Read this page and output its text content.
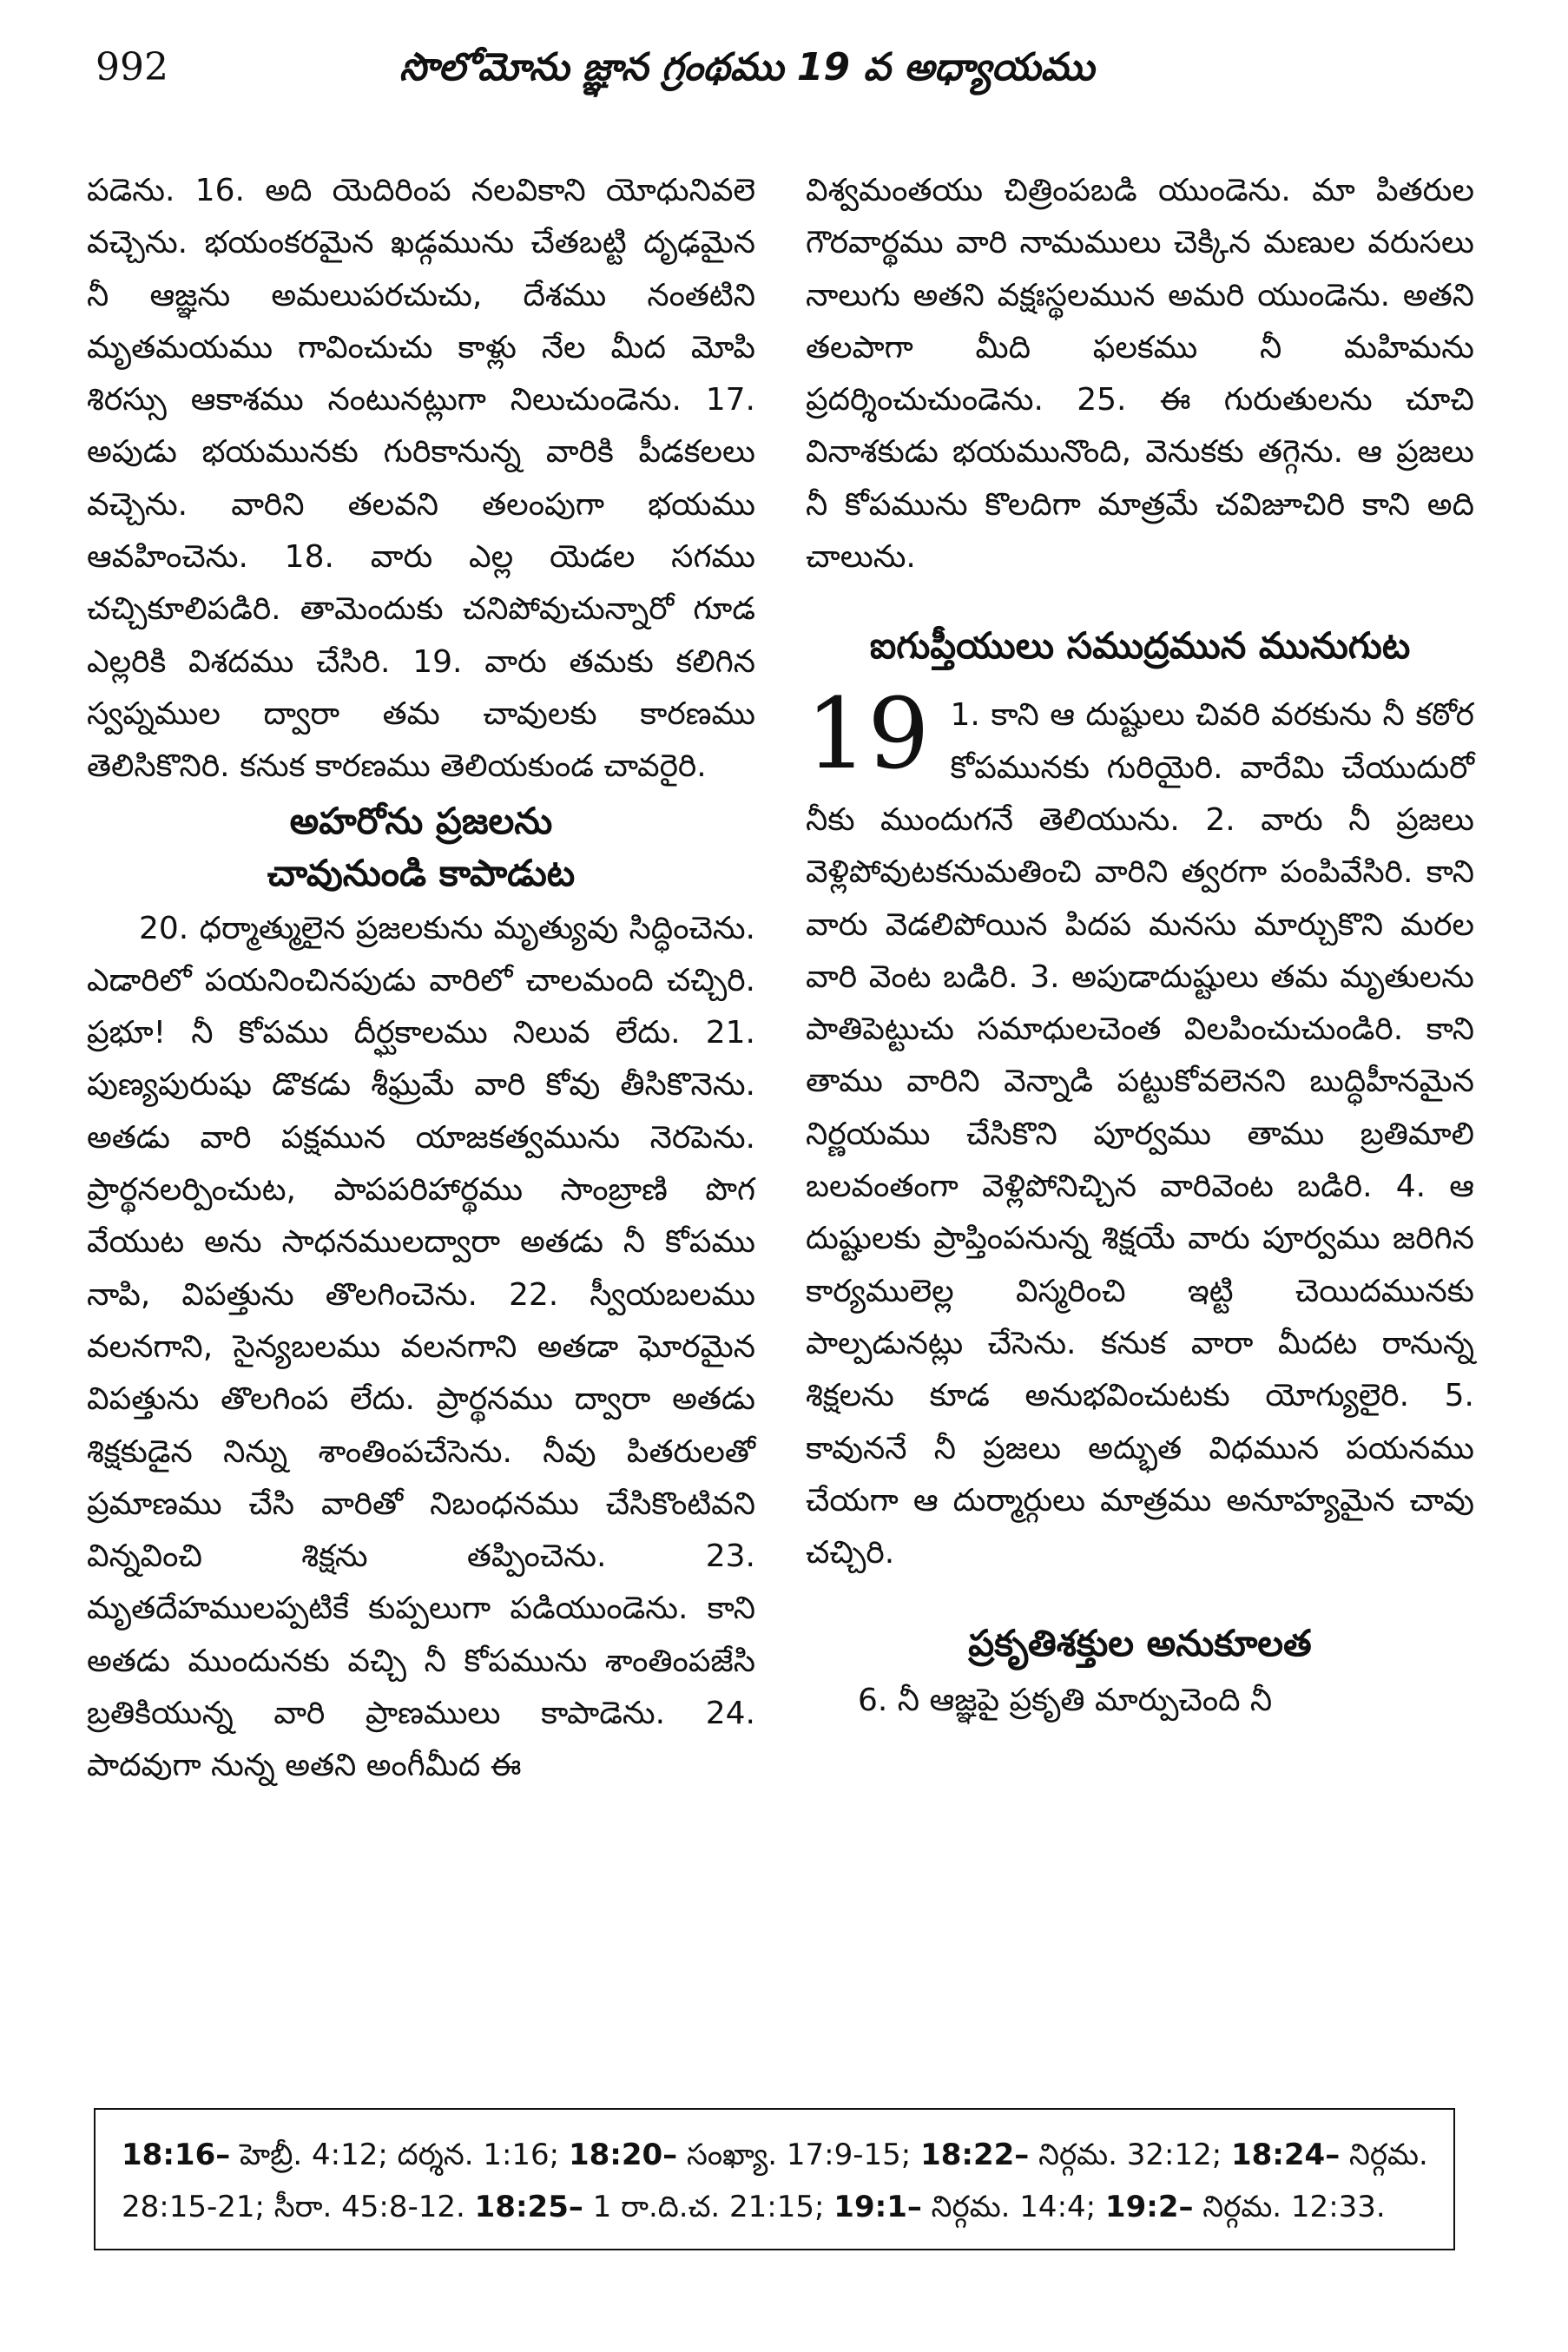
992	సొలోమోను జ్ఞాన గ్రంథము 19 వ అధ్యాయము

పడెను. 16. అది యెదిరింప నలవికాని యోధునివలె వచ్చెను. భయంకరమైన ఖడ్గమును చేతబట్టి దృఢమైన నీ ఆజ్ఞను అమలుపరచుచు, దేశము నంతటిని మృతమయము గావించుచు కాళ్లు నేల మీద మోపి శిరస్సు ఆకాశము నంటునట్లుగా నిలుచుండెను. 17. అపుడు భయమునకు గురికానున్న వారికి పీడకలలు వచ్చెను. వారిని తలవని తలంపుగా భయము ఆవహించెను. 18. వారు ఎల్ల యెడల సగము చచ్చికూలిపడిరి. తామెందుకు చనిపోవుచున్నారో గూడ ఎల్లరికి విశదము చేసిరి. 19. వారు తమకు కలిగిన స్వప్నముల ద్వారా తమ చావులకు కారణము తెలిసికొనిరి. కనుక కారణము తెలియకుండ చావరైరి.

అహరోను ప్రజలను
చావునుండి కాపాడుట

20. ధర్మాత్ములైన ప్రజలకును మృత్యువు సిద్ధించెను. ఎడారిలో పయనించినపుడు వారిలో చాలమంది చచ్చిరి. ప్రభూ! నీ కోపము దీర్ఘకాలము నిలువ లేదు. 21. పుణ్యపురుషు డొకడు శీఘ్రమే వారి కోవు తీసికొనెను. అతడు వారి పక్షమున యాజకత్వమును నెరపెను. ప్రార్థనలర్పించుట, పాపపరిహార్థము సాంబ్రాణి పొగ వేయుట అను సాధనములద్వారా అతడు నీ కోపము నాపి, విపత్తును తొలగించెను. 22. స్వీయబలము వలనగాని, సైన్యబలము వలనగాని అతడా ఘోరమైన విపత్తును తొలగింప లేదు. ప్రార్థనము ద్వారా అతడు శిక్షకుడైన నిన్ను శాంతింపచేసెను. నీవు పితరులతో ప్రమాణము చేసి వారితో నిబంధనము చేసికొంటివని విన్నవించి శిక్షను తప్పించెను. 23. మృతదేహములప్పటికే కుప్పలుగా పడియుండెను. కాని అతడు ముందునకు వచ్చి నీ కోపమును శాంతింపజేసి బ్రతికియున్న వారి ప్రాణములు కాపాడెను. 24. పాదవుగా నున్న అతని అంగీమీద ఈ

విశ్వమంతయు చిత్రింపబడి యుండెను. మా పితరుల గౌరవార్థము వారి నామములు చెక్కిన మణుల వరుసలు నాలుగు అతని వక్షఃస్థలమున అమరి యుండెను. అతని తలపాగా మీది ఫలకము నీ మహిమను ప్రదర్శించుచుండెను. 25. ఈ గురుతులను చూచి వినాశకుడు భయమునొంది, వెనుకకు తగ్గెను. ఆ ప్రజలు నీ కోపమును కొలదిగా మాత్రమే చవిజూచిరి కాని అది చాలును.

ఐగుప్తీయులు సముద్రమున మునుగుట

19 1. కాని ఆ దుష్టులు చివరి వరకును నీ కఠోర కోపమునకు గురియైరి. వారేమి చేయుదురో నీకు ముందుగనే తెలియును. 2. వారు నీ ప్రజలు వెళ్లిపోవుటకనుమతించి వారిని త్వరగా పంపివేసిరి. కాని వారు వెడలిపోయిన పిదప మనసు మార్చుకొని మరల వారి వెంట బడిరి. 3. అపుడాదుష్టులు తమ మృతులను పాతిపెట్టుచు సమాధులచెంత విలపించుచుండిరి. కాని తాము వారిని వెన్నాడి పట్టుకోవలెనని బుద్ధిహీనమైన నిర్ణయము చేసికొని పూర్వము తాము బ్రతిమాలి బలవంతంగా వెళ్లిపోనిచ్చిన వారివెంట బడిరి. 4. ఆ దుష్టులకు ప్రాప్తింపనున్న శిక్షయే వారు పూర్వము జరిగిన కార్యములెల్ల విస్మరించి ఇట్టి చెయిదమునకు పాల్పడునట్లు చేసెను. కనుక వారా మీదట రానున్న శిక్షలను కూడ అనుభవించుటకు యోగ్యులైరి. 5. కావుననే నీ ప్రజలు అద్భుత విధమున పయనము చేయగా ఆ దుర్మార్గులు మాత్రము అనూహ్యమైన చావు చచ్చిరి.

ప్రకృతిశక్తుల అనుకూలత

6. నీ ఆజ్ఞపై ప్రకృతి మార్పుచెంది నీ

18:16– హెబ్రీ. 4:12; దర్శన. 1:16; 18:20– సంఖ్యా. 17:9-15; 18:22– నిర్గమ. 32:12; 18:24– నిర్గమ.

28:15-21; సీరా. 45:8-12. 18:25– 1 రా.ది.చ. 21:15; 19:1– నిర్గమ. 14:4; 19:2– నిర్గమ. 12:33.
